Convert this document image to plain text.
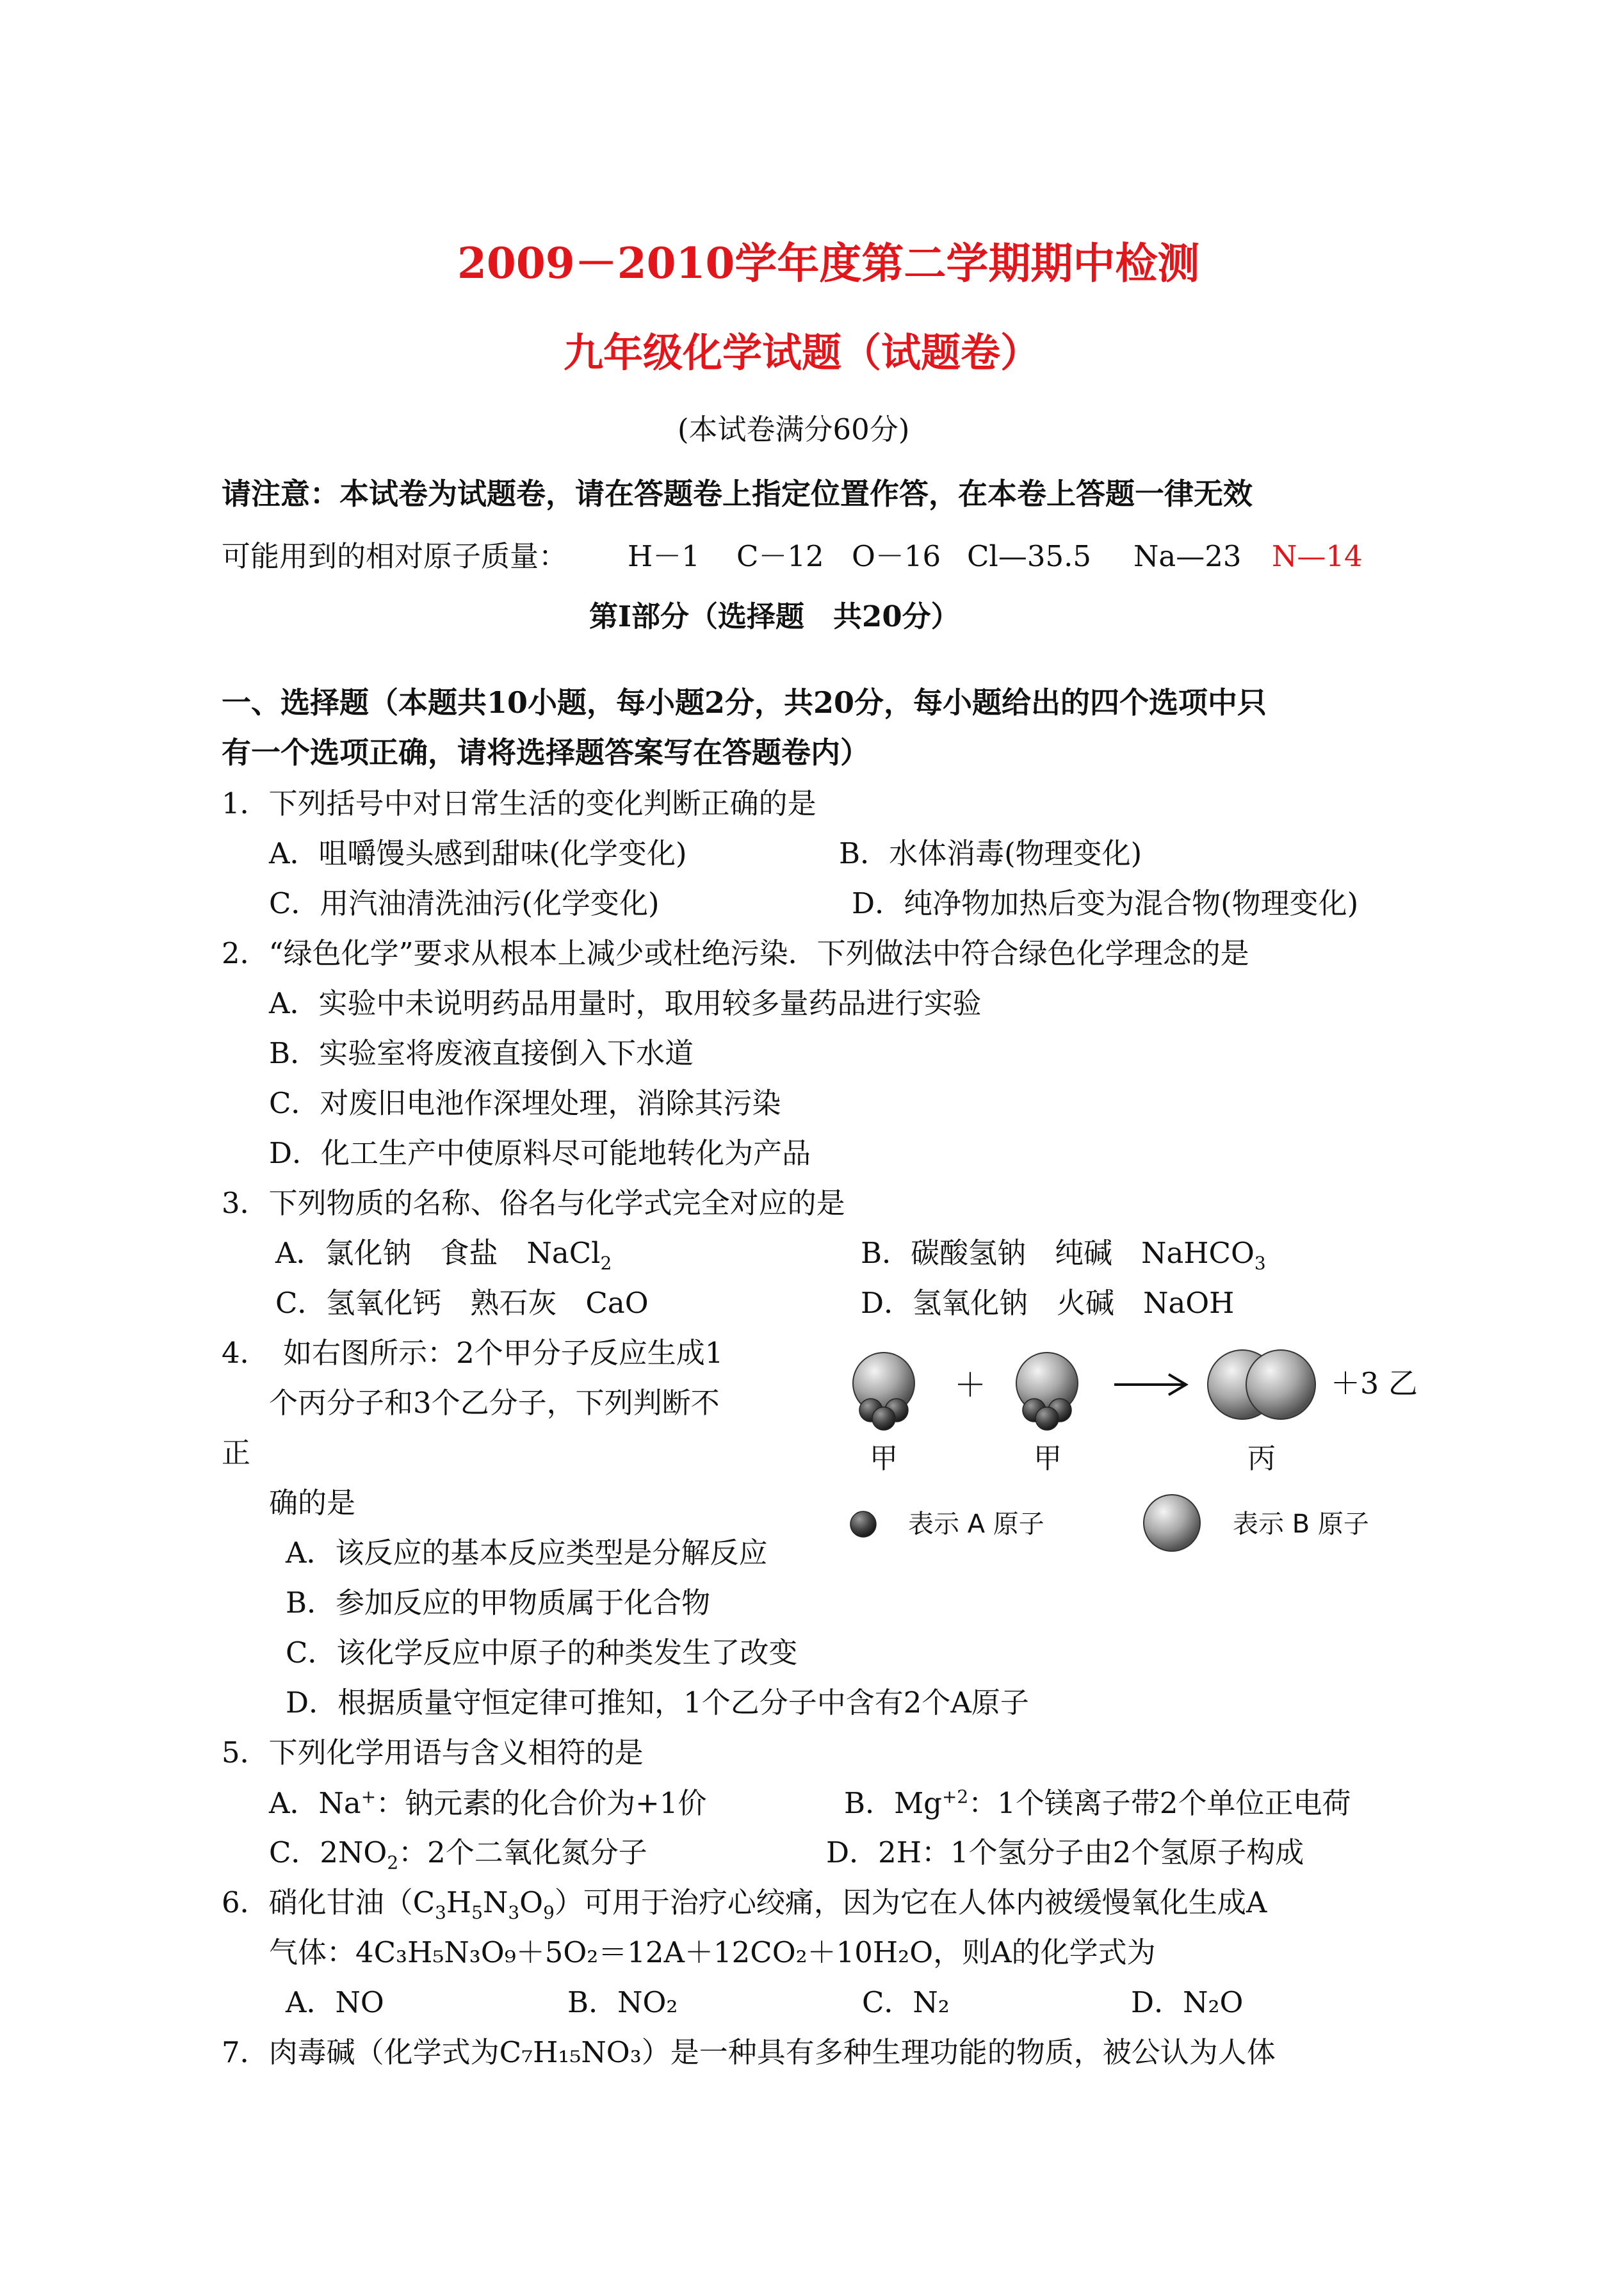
2009－2010学年度第二学期期中检测
九年级化学试题（试题卷）
(本试卷满分60分)
请注意：本试卷为试题卷，请在答题卷上指定位置作答，在本卷上答题一律无效
可能用到的相对原子质量： H－1 C－12 O－16 Cl—35.5 Na—23 N—14
第Ⅰ部分（选择题　共20分）
一、选择题（本题共10小题，每小题2分，共20分，每小题给出的四个选项中只
有一个选项正确，请将选择题答案写在答题卷内）
1．下列括号中对日常生活的变化判断正确的是
A．咀嚼馒头感到甜味(化学变化)	B．水体消毒(物理变化)
C．用汽油清洗油污(化学变化)	D．纯净物加热后变为混合物(物理变化)
2．“绿色化学”要求从根本上减少或杜绝污染．下列做法中符合绿色化学理念的是
A．实验中未说明药品用量时，取用较多量药品进行实验
B．实验室将废液直接倒入下水道
C．对废旧电池作深埋处理，消除其污染
D．化工生产中使原料尽可能地转化为产品
3．下列物质的名称、俗名与化学式完全对应的是
A．氯化钠　食盐　NaCl$_2$	B．碳酸氢钠　纯碱　NaHCO$_3$
C．氢氧化钙　熟石灰　CaO	D．氢氧化钠　火碱　NaOH
4．　如右图所示：2个甲分子反应生成1
个丙分子和3个乙分子，下列判断不
正
确的是
A．该反应的基本反应类型是分解反应
B．参加反应的甲物质属于化合物
C．该化学反应中原子的种类发生了改变
D．根据质量守恒定律可推知，1个乙分子中含有2个A原子
＋	＋3 乙
甲	甲	丙
表示 A 原子	表示 B 原子
5．下列化学用语与含义相符的是
A．Na+：钠元素的化合价为+1价	B．$Mg^{+2}$：1个镁离子带2个单位正电荷
C．$2NO_2$：2个二氧化氮分子	D．2H：1个氢分子由2个氢原子构成
6．硝化甘油$(C_3H_5N_3O_9)$可用于治疗心绞痛，因为它在人体内被缓慢氧化生成A
气体：4C₃H₅N₃O₉＋5O₂＝12A＋12CO₂＋10H₂O，则A的化学式为
A．NO	B．NO₂	C．N₂	D．N₂O
7．肉毒碱（化学式为C₇H₁₅NO₃）是一种具有多种生理功能的物质，被公认为人体
